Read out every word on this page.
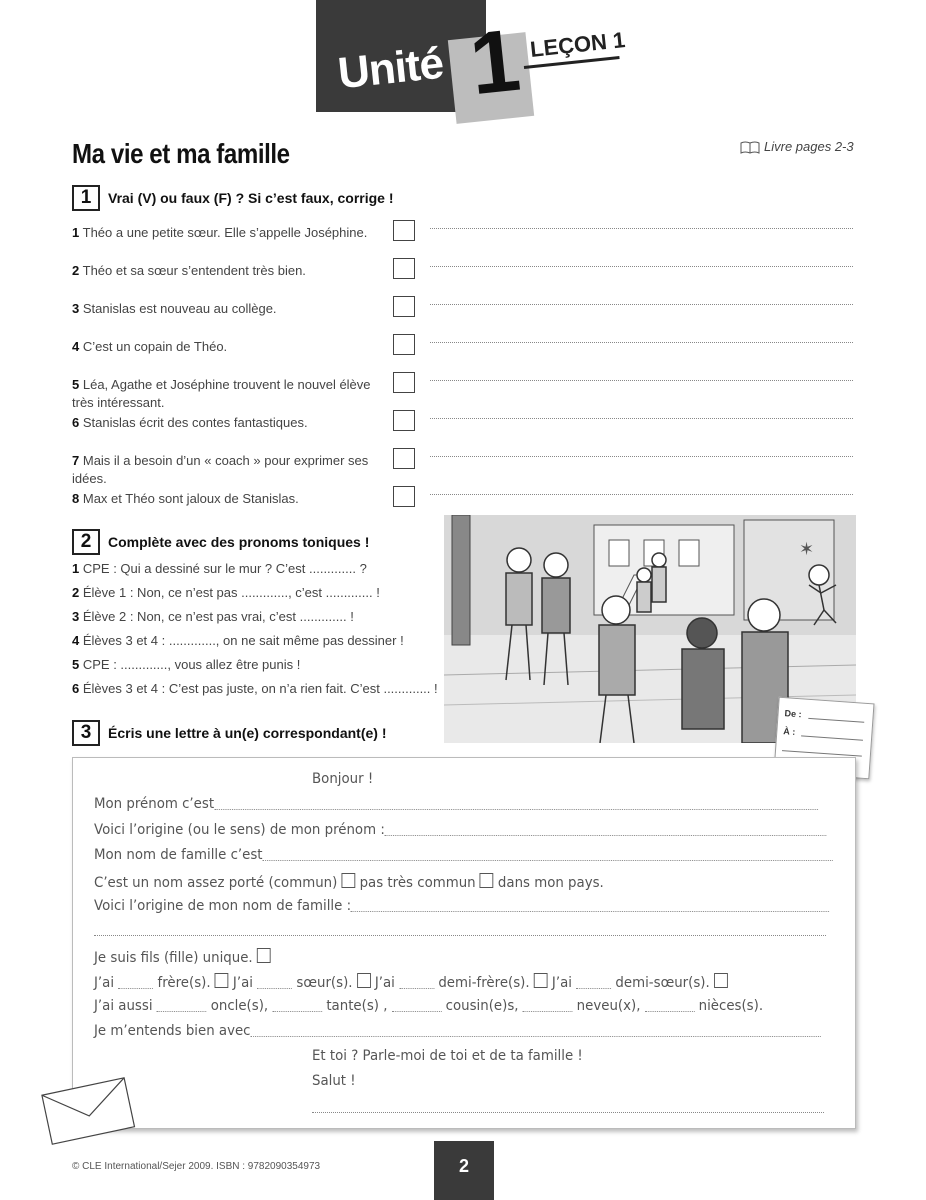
Unité 1 LEÇON 1
Ma vie et ma famille	Livre pages 2-3
1	Vrai (V) ou faux (F) ? Si c’est faux, corrige !
1 Théo a une petite sœur. Elle s’appelle Joséphine.
2 Théo et sa sœur s’entendent très bien.
3 Stanislas est nouveau au collège.
4 C’est un copain de Théo.
5 Léa, Agathe et Joséphine trouvent le nouvel élève très intéressant.
6 Stanislas écrit des contes fantastiques.
7 Mais il a besoin d’un « coach » pour exprimer ses idées.
8 Max et Théo sont jaloux de Stanislas.
2	Complète avec des pronoms toniques !
1 CPE : Qui a dessiné sur le mur ? C’est ............. ?
2 Élève 1 : Non, ce n’est pas ............., c’est ............. !
3 Élève 2 : Non, ce n’est pas vrai, c’est ............. !
4 Élèves 3 et 4 : ............., on ne sait même pas dessiner !
5 CPE : ............., vous allez être punis !
6 Élèves 3 et 4 : C’est pas juste, on n’a rien fait. C’est ............. !
✶
De :
À :
3	Écris une lettre à un(e) correspondant(e) !
Bonjour !
Mon prénom c’est
Voici l’origine (ou le sens) de mon prénom :
Mon nom de famille c’est
C’est un nom assez porté (commun) pas très commun dans mon pays.
Voici l’origine de mon nom de famille :
Je suis fils (fille) unique.
J’ai	frère(s). J’ai	sœur(s). J’ai	demi-frère(s). J’ai	demi-sœur(s).
J’ai aussi	oncle(s),	tante(s) ,	cousin(e)s,	neveu(x),	nièces(s).
Je m’entends bien avec
Et toi ? Parle-moi de toi et de ta famille !
Salut !
© CLE International/Sejer 2009. ISBN : 9782090354973	2
